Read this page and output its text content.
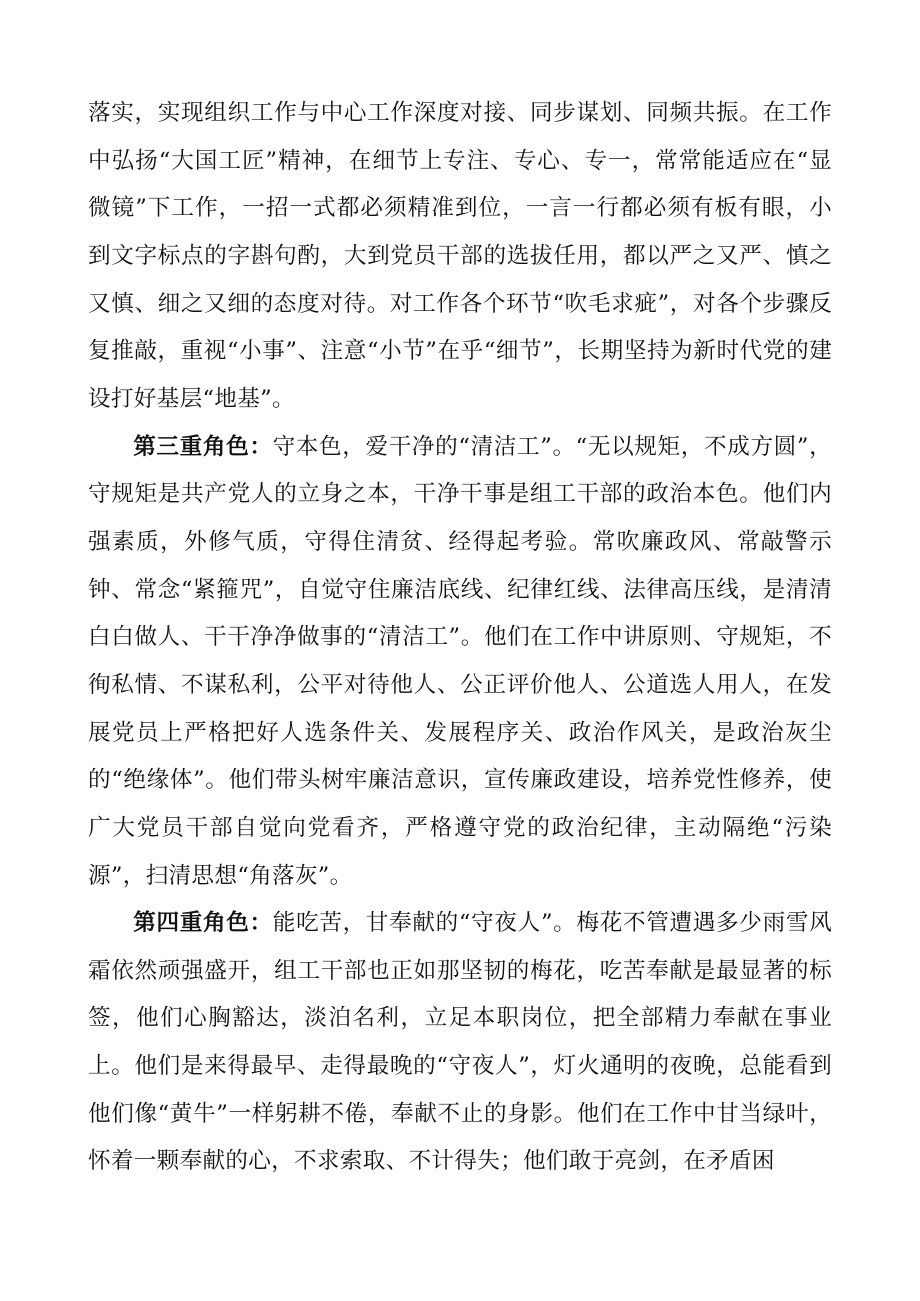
落实，实现组织工作与中心工作深度对接、同步谋划、同频共振。在工作中弘扬“大国工匠”精神，在细节上专注、专心、专一，常常能适应在“显微镜”下工作，一招一式都必须精准到位，一言一行都必须有板有眼，小到文字标点的字斟句酌，大到党员干部的选拔任用，都以严之又严、慎之又慎、细之又细的态度对待。对工作各个环节“吹毛求疵”，对各个步骤反复推敲，重视“小事”、注意“小节”在乎“细节”，长期坚持为新时代党的建设打好基层“地基”。

第三重角色：守本色，爱干净的“清洁工”。“无以规矩，不成方圆”，守规矩是共产党人的立身之本，干净干事是组工干部的政治本色。他们内强素质，外修气质，守得住清贫、经得起考验。常吹廉政风、常敲警示钟、常念“紧箍咒”，自觉守住廉洁底线、纪律红线、法律高压线，是清清白白做人、干干净净做事的“清洁工”。他们在工作中讲原则、守规矩，不徇私情、不谋私利，公平对待他人、公正评价他人、公道选人用人，在发展党员上严格把好人选条件关、发展程序关、政治作风关，是政治灰尘的“绝缘体”。他们带头树牢廉洁意识，宣传廉政建设，培养党性修养，使广大党员干部自觉向党看齐，严格遵守党的政治纪律，主动隔绝“污染源”，扫清思想“角落灰”。

第四重角色：能吃苦，甘奉献的“守夜人”。梅花不管遭遇多少雨雪风霜依然顽强盛开，组工干部也正如那坚韧的梅花，吃苦奉献是最显著的标签，他们心胸豁达，淡泊名利，立足本职岗位，把全部精力奉献在事业上。他们是来得最早、走得最晚的“守夜人”，灯火通明的夜晚，总能看到他们像“黄牛”一样躬耕不倦，奉献不止的身影。他们在工作中甘当绿叶，怀着一颗奉献的心，不求索取、不计得失；他们敢于亮剑，在矛盾困
